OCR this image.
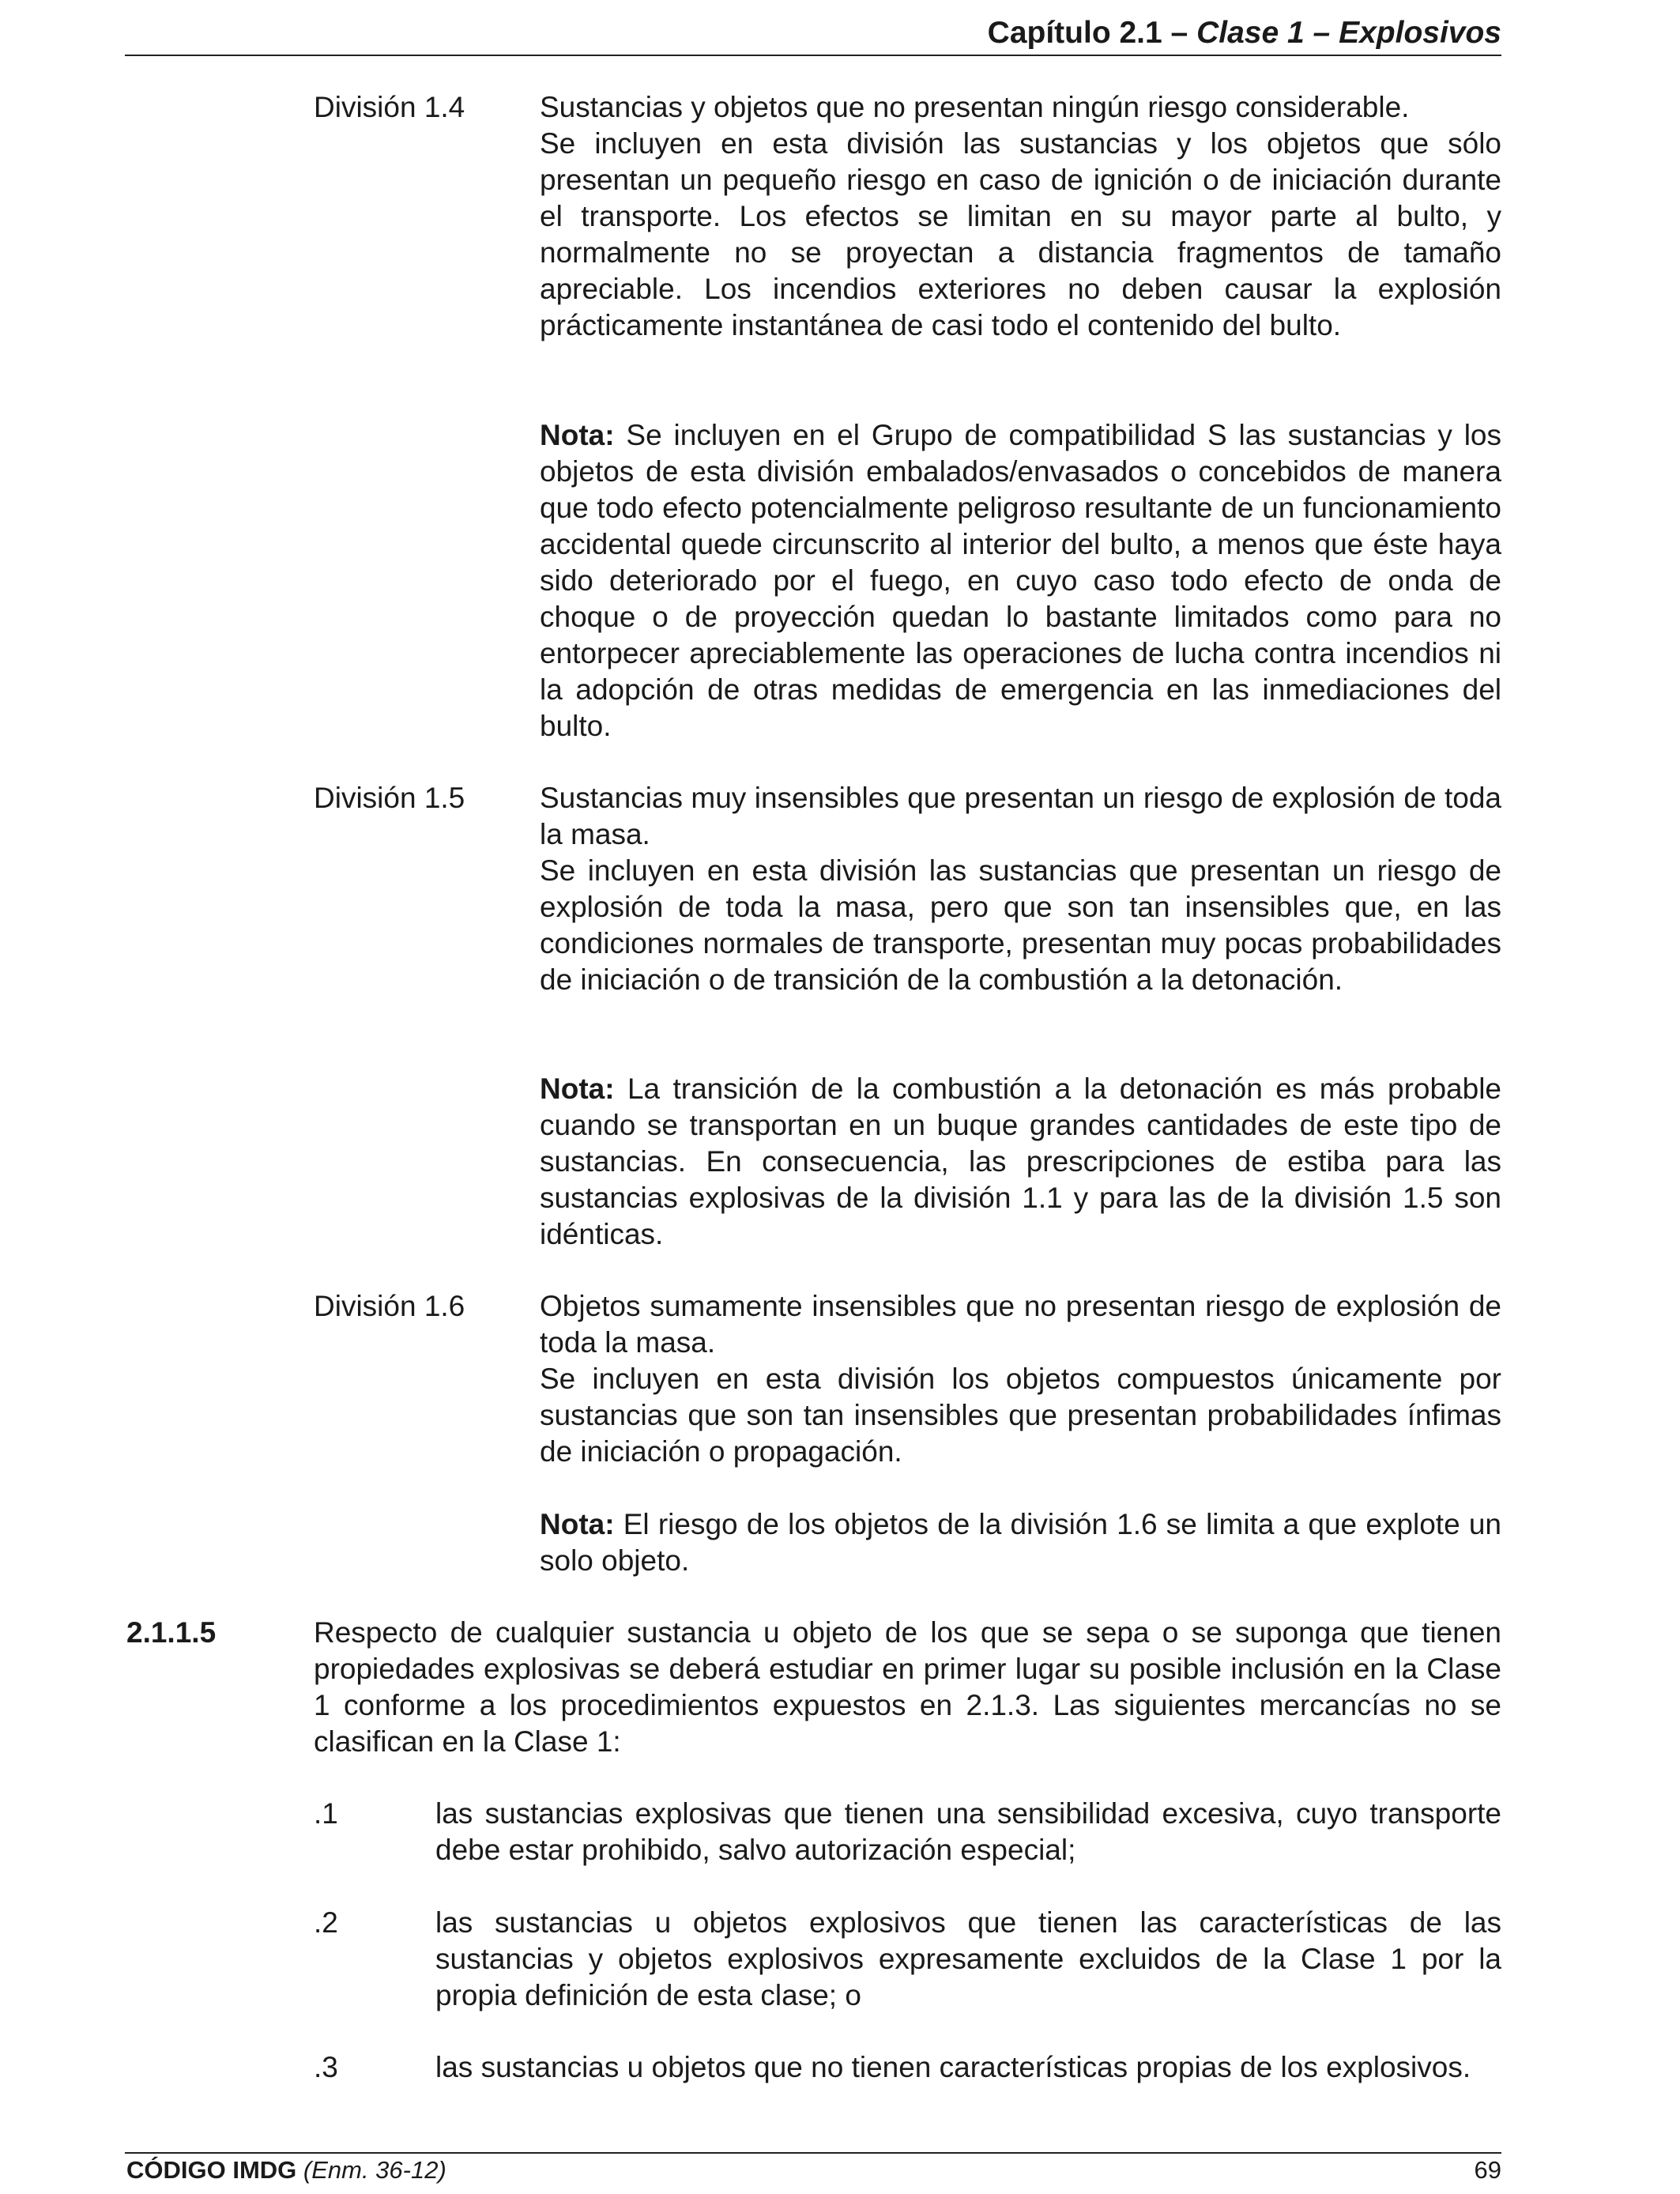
Capítulo 2.1 – Clase 1 – Explosivos
División 1.4	Sustancias y objetos que no presentan ningún riesgo considerable.
Se incluyen en esta división las sustancias y los objetos que sólo presentan un pequeño riesgo en caso de ignición o de iniciación durante el transporte. Los efectos se limitan en su mayor parte al bulto, y normalmente no se proyectan a distancia fragmentos de tamaño apreciable. Los incendios exteriores no deben causar la explosión prácticamente instantánea de casi todo el contenido del bulto.
Nota: Se incluyen en el Grupo de compatibilidad S las sustancias y los objetos de esta división embalados/envasados o concebidos de manera que todo efecto potencialmente peligroso resultante de un funcionamiento accidental quede circunscrito al interior del bulto, a menos que éste haya sido deteriorado por el fuego, en cuyo caso todo efecto de onda de choque o de proyección quedan lo bastante limitados como para no entorpecer apreciablemente las operaciones de lucha contra incendios ni la adopción de otras medidas de emergencia en las inmediaciones del bulto.
División 1.5	Sustancias muy insensibles que presentan un riesgo de explosión de toda la masa.
Se incluyen en esta división las sustancias que presentan un riesgo de explosión de toda la masa, pero que son tan insensibles que, en las condiciones normales de transporte, presentan muy pocas probabilidades de iniciación o de transición de la combustión a la detonación.
Nota: La transición de la combustión a la detonación es más probable cuando se transportan en un buque grandes cantidades de este tipo de sustancias. En consecuencia, las prescripciones de estiba para las sustancias explosivas de la división 1.1 y para las de la división 1.5 son idénticas.
División 1.6	Objetos sumamente insensibles que no presentan riesgo de explosión de toda la masa.
Se incluyen en esta división los objetos compuestos únicamente por sustancias que son tan insensibles que presentan probabilidades ínfimas de iniciación o propagación.
Nota: El riesgo de los objetos de la división 1.6 se limita a que explote un solo objeto.
2.1.1.5	Respecto de cualquier sustancia u objeto de los que se sepa o se suponga que tienen propiedades explosivas se deberá estudiar en primer lugar su posible inclusión en la Clase 1 conforme a los procedimientos expuestos en 2.1.3. Las siguientes mercancías no se clasifican en la Clase 1:
.1	las sustancias explosivas que tienen una sensibilidad excesiva, cuyo transporte debe estar prohibido, salvo autorización especial;
.2	las sustancias u objetos explosivos que tienen las características de las sustancias y objetos explosivos expresamente excluidos de la Clase 1 por la propia definición de esta clase; o
.3	las sustancias u objetos que no tienen características propias de los explosivos.
CÓDIGO IMDG (Enm. 36-12)	69
